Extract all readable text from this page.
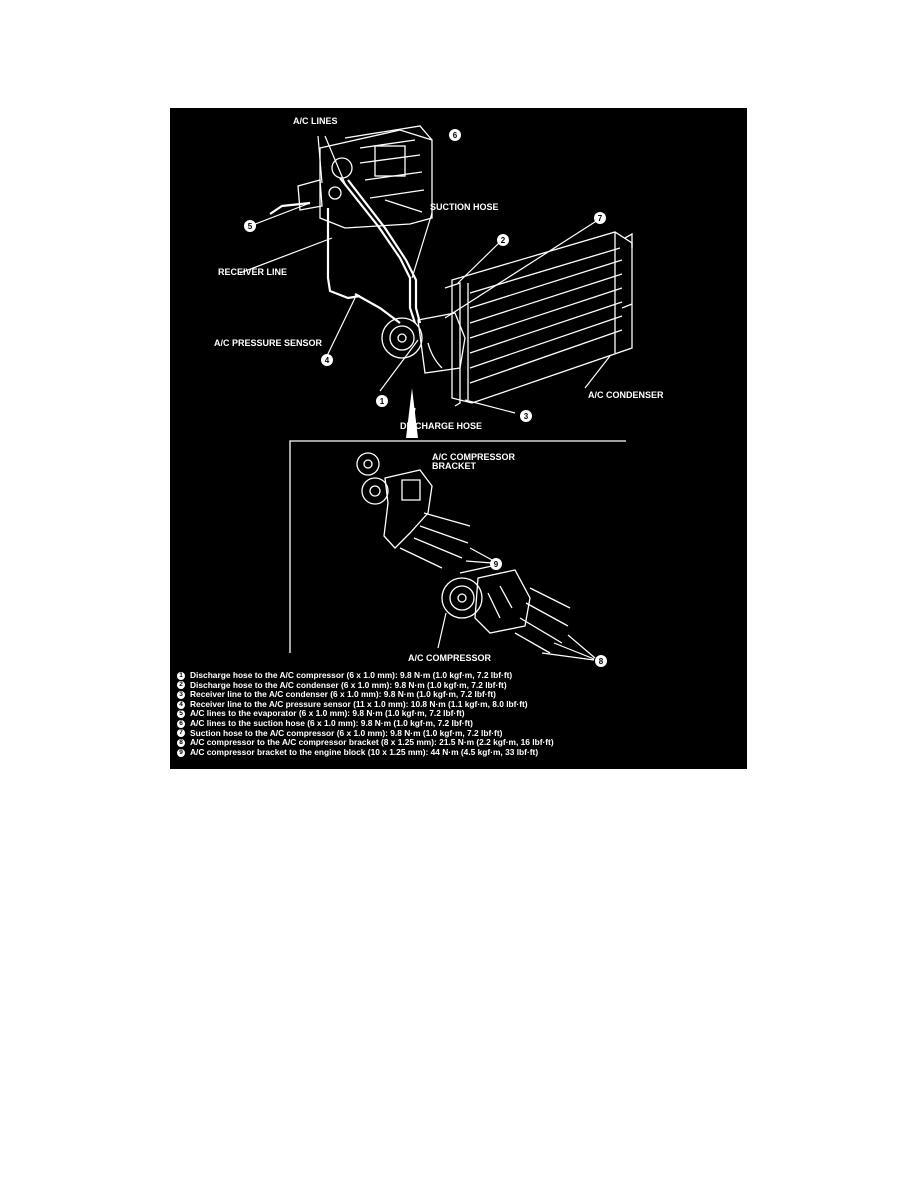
A/C LINES
SUCTION HOSE
RECEIVER LINE
A/C PRESSURE SENSOR
A/C CONDENSER
DISCHARGE HOSE
A/C COMPRESSOR
BRACKET
A/C COMPRESSOR
1
2
3
4
5
6
7
8
9
1 Discharge hose to the A/C compressor (6 x 1.0 mm): 9.8 N·m (1.0 kgf·m, 7.2 lbf·ft)
2 Discharge hose to the A/C condenser (6 x 1.0 mm): 9.8 N·m (1.0 kgf·m, 7.2 lbf·ft)
3 Receiver line to the A/C condenser (6 x 1.0 mm): 9.8 N·m (1.0 kgf·m, 7.2 lbf·ft)
4 Receiver line to the A/C pressure sensor (11 x 1.0 mm): 10.8 N·m (1.1 kgf·m, 8.0 lbf·ft)
5 A/C lines to the evaporator (6 x 1.0 mm): 9.8 N·m (1.0 kgf·m, 7.2 lbf·ft)
6 A/C lines to the suction hose (6 x 1.0 mm): 9.8 N·m (1.0 kgf·m, 7.2 lbf·ft)
7 Suction hose to the A/C compressor (6 x 1.0 mm): 9.8 N·m (1.0 kgf·m, 7.2 lbf·ft)
8 A/C compressor to the A/C compressor bracket (8 x 1.25 mm): 21.5 N·m (2.2 kgf·m, 16 lbf·ft)
9 A/C compressor bracket to the engine block (10 x 1.25 mm): 44 N·m (4.5 kgf·m, 33 lbf·ft)
